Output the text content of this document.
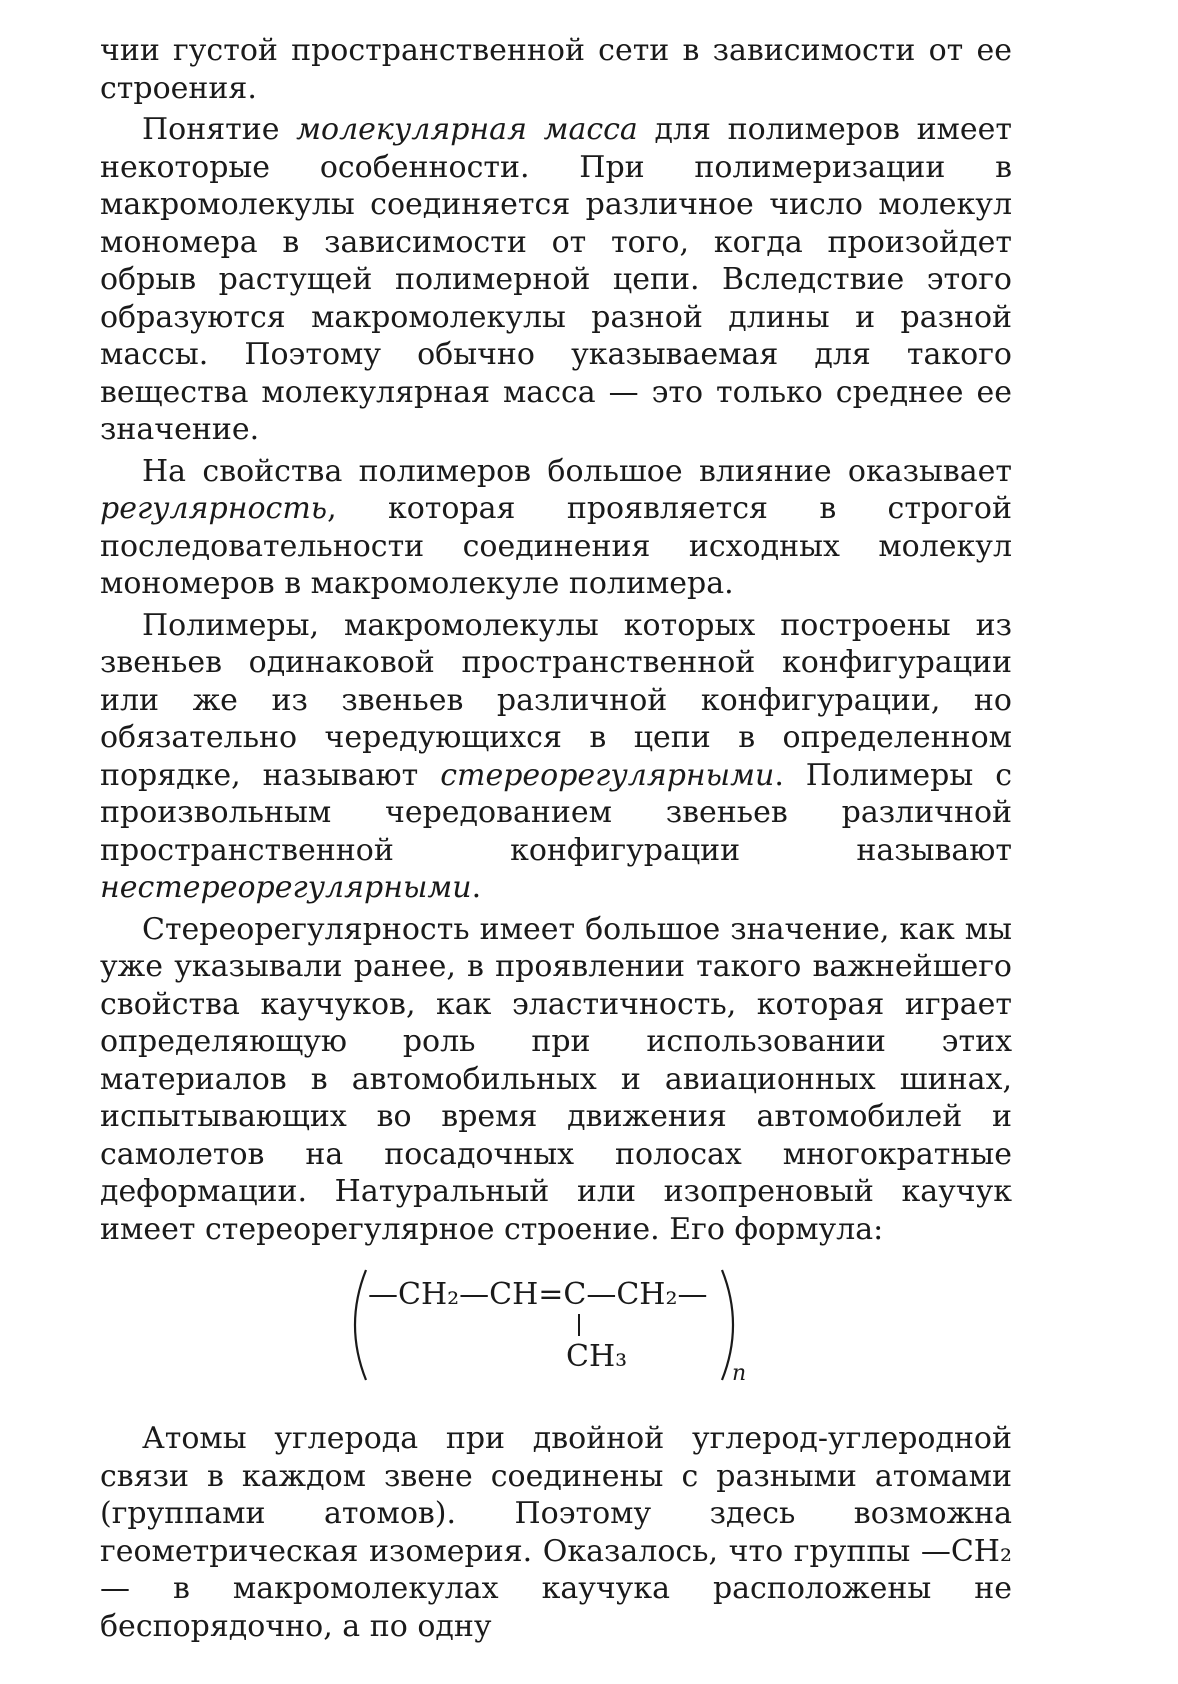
чии густой пространственной сети в зависимости от ее строения.

Понятие молекулярная масса для полимеров имеет некоторые особенности. При полимеризации в макромолекулы соединяется различное число молекул мономера в зависимости от того, когда произойдет обрыв растущей полимерной цепи. Вследствие этого образуются макромолекулы разной длины и разной массы. Поэтому обычно указываемая для такого вещества молекулярная масса — это только среднее ее значение.

На свойства полимеров большое влияние оказывает регулярность, которая проявляется в строгой последовательности соединения исходных молекул мономеров в макромолекуле полимера.

Полимеры, макромолекулы которых построены из звеньев одинаковой пространственной конфигурации или же из звеньев различной конфигурации, но обязательно чередующихся в цепи в определенном порядке, называют стереорегулярными. Полимеры с произвольным чередованием звеньев различной пространственной конфигурации называют нестереорегулярными.

Стереорегулярность имеет большое значение, как мы уже указывали ранее, в проявлении такого важнейшего свойства каучуков, как эластичность, которая играет определяющую роль при использовании этих материалов в автомобильных и авиационных шинах, испытывающих во время движения автомобилей и самолетов на посадочных полосах многократные деформации. Натуральный или изопреновый каучук имеет стереорегулярное строение. Его формула:

—CH₂—CH=C—CH₂—
CH₃	n

Атомы углерода при двойной углерод-углеродной связи в каждом звене соединены с разными атомами (группами атомов). Поэтому здесь возможна геометрическая изомерия. Оказалось, что группы —CH₂— в макромолекулах каучука расположены не беспорядочно, а по одну
